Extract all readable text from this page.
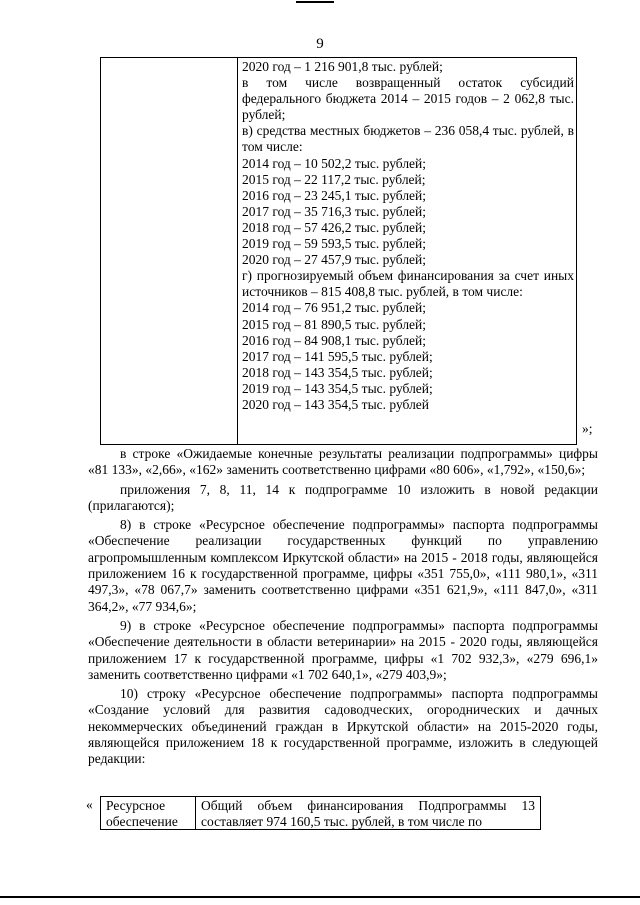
9
2020 год – 1 216 901,8 тыс. рублей;
в том числе возвращенный остаток субсидий федерального бюджета 2014 – 2015 годов – 2 062,8 тыс. рублей;
в) средства местных бюджетов – 236 058,4 тыс. рублей, в том числе:
2014 год – 10 502,2 тыс. рублей;
2015 год – 22 117,2 тыс. рублей;
2016 год – 23 245,1 тыс. рублей;
2017 год – 35 716,3 тыс. рублей;
2018 год – 57 426,2 тыс. рублей;
2019 год – 59 593,5 тыс. рублей;
2020 год – 27 457,9 тыс. рублей;
г) прогнозируемый объем финансирования за счет иных источников – 815 408,8 тыс. рублей, в том числе:
2014 год – 76 951,2 тыс. рублей;
2015 год – 81 890,5 тыс. рублей;
2016 год – 84 908,1 тыс. рублей;
2017 год – 141 595,5 тыс. рублей;
2018 год – 143 354,5 тыс. рублей;
2019 год – 143 354,5 тыс. рублей;
2020 год – 143 354,5 тыс. рублей
»;

в строке «Ожидаемые конечные результаты реализации подпрограммы» цифры «81 133», «2,66», «162» заменить соответственно цифрами «80 606», «1,792», «150,6»;

приложения 7, 8, 11, 14 к подпрограмме 10 изложить в новой редакции (прилагаются);

8) в строке «Ресурсное обеспечение подпрограммы» паспорта подпрограммы «Обеспечение реализации государственных функций по управлению агропромышленным комплексом Иркутской области» на 2015 - 2018 годы, являющейся приложением 16 к государственной программе, цифры «351 755,0», «111 980,1», «311 497,3», «78 067,7» заменить соответственно цифрами «351 621,9», «111 847,0», «311 364,2», «77 934,6»;

9) в строке «Ресурсное обеспечение подпрограммы» паспорта подпрограммы «Обеспечение деятельности в области ветеринарии» на 2015 - 2020 годы, являющейся приложением 17 к государственной программе, цифры «1 702 932,3», «279 696,1» заменить соответственно цифрами «1 702 640,1», «279 403,9»;

10) строку «Ресурсное обеспечение подпрограммы» паспорта подпрограммы «Создание условий для развития садоводческих, огороднических и дачных некоммерческих объединений граждан в Иркутской области» на 2015-2020 годы, являющейся приложением 18 к государственной программе, изложить в следующей редакции:

« Ресурсное обеспечение
Общий объем финансирования Подпрограммы 13 составляет 974 160,5 тыс. рублей, в том числе по
